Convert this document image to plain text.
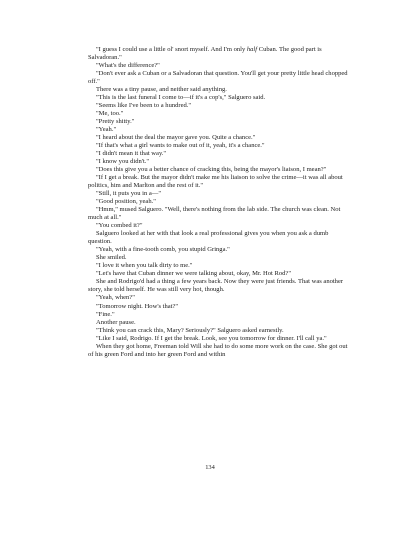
"I guess I could use a little ol' snort myself. And I'm only half Cuban. The good part is Salvadoran."

"What's the difference?"

"Don't ever ask a Cuban or a Salvadoran that question. You'll get your pretty little head chopped off."

There was a tiny pause, and neither said anything.

"This is the last funeral I come to—if it's a cop's," Salguero said.

"Seems like I've been to a hundred."

"Me, too."

"Pretty shitty."

"Yeah."

"I heard about the deal the mayor gave you. Quite a chance."

"If that's what a girl wants to make out of it, yeah, it's a chance."

"I didn't mean it that way."

"I know you didn't."

"Does this give you a better chance of cracking this, being the mayor's liaison, I mean?"

"If I get a break. But the mayor didn't make me his liaison to solve the crime—it was all about politics, him and Marlton and the rest of it."

"Still, it puts you in a—"

"Good position, yeah."

"Hmm," mused Salguero. "Well, there's nothing from the lab side. The church was clean. Not much at all."

"You combed it?"

Salguero looked at her with that look a real professional gives you when you ask a dumb question.

"Yeah, with a fine-tooth comb, you stupid Gringa."

She smiled.

"I love it when you talk dirty to me."

"Let's have that Cuban dinner we were talking about, okay, Mr. Hot Rod?"

She and Rodrigo'd had a thing a few years back. Now they were just friends. That was another story, she told herself. He was still very hot, though.

"Yeah, when?"

"Tomorrow night. How's that?"

"Fine."

Another pause.

"Think you can crack this, Mary? Seriously?" Salguero asked earnestly.

"Like I said, Rodrigo. If I get the break. Look, see you tomorrow for dinner. I'll call ya."

When they got home, Freeman told Will she had to do some more work on the case. She got out of his green Ford and into her green Ford and within

134
